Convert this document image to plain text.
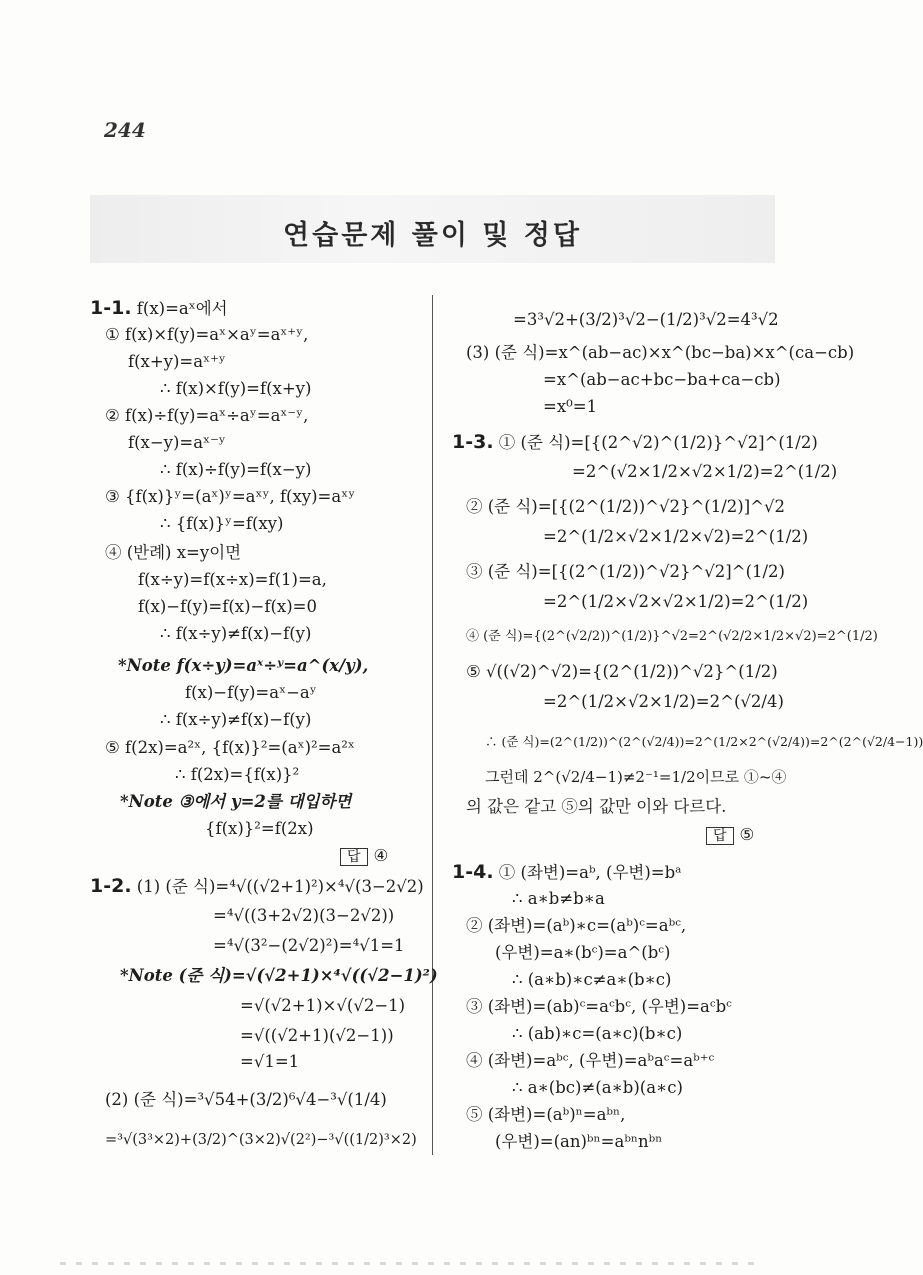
244
연습문제 풀이 및 정답
1-1. f(x)=aˣ에서
① f(x)×f(y)=aˣ×aʸ=aˣ⁺ʸ,
f(x+y)=aˣ⁺ʸ
∴ f(x)×f(y)=f(x+y)
② f(x)÷f(y)=aˣ÷aʸ=aˣ⁻ʸ,
f(x−y)=aˣ⁻ʸ
∴ f(x)÷f(y)=f(x−y)
③ {f(x)}ʸ=(aˣ)ʸ=aˣʸ, f(xy)=aˣʸ
∴ {f(x)}ʸ=f(xy)
④ (반례) x=y이면
f(x÷y)=f(x÷x)=f(1)=a,
f(x)−f(y)=f(x)−f(x)=0
∴ f(x÷y)≠f(x)−f(y)
*Note f(x÷y)=aˣ÷ʸ=a^(x/y),
f(x)−f(y)=aˣ−aʸ
∴ f(x÷y)≠f(x)−f(y)
⑤ f(2x)=a²ˣ, {f(x)}²=(aˣ)²=a²ˣ
∴ f(2x)={f(x)}²
*Note ③에서 y=2를 대입하면
{f(x)}²=f(2x)
답 ④
1-2. (1) (준 식)=⁴√((√2+1)²)×⁴√(3−2√2)
=⁴√((3+2√2)(3−2√2))
=⁴√(3²−(2√2)²)=⁴√1=1
*Note (준 식)=√(√2+1)×⁴√((√2−1)²)
=√(√2+1)×√(√2−1)
=√((√2+1)(√2−1))
=√1=1
(2) (준 식)=³√54+(3/2)⁶√4−³√(1/4)
=³√(3³×2)+(3/2)^(3×2)√(2²)−³√((1/2)³×2)
=3³√2+(3/2)³√2−(1/2)³√2=4³√2
(3) (준 식)=x^(ab−ac)×x^(bc−ba)×x^(ca−cb)
=x^(ab−ac+bc−ba+ca−cb)
=x⁰=1
1-3. ① (준 식)=[{(2^√2)^(1/2)}^√2]^(1/2)
=2^(√2×1/2×√2×1/2)=2^(1/2)
② (준 식)=[{(2^(1/2))^√2}^(1/2)]^√2
=2^(1/2×√2×1/2×√2)=2^(1/2)
③ (준 식)=[{(2^(1/2))^√2}^√2]^(1/2)
=2^(1/2×√2×√2×1/2)=2^(1/2)
④ (준 식)={(2^(√2/2))^(1/2)}^√2=2^(√2/2×1/2×√2)=2^(1/2)
⑤ √((√2)^√2)={(2^(1/2))^√2}^(1/2)
=2^(1/2×√2×1/2)=2^(√2/4)
∴ (준 식)=(2^(1/2))^(2^(√2/4))=2^(1/2×2^(√2/4))=2^(2^(√2/4−1))
그런데 2^(√2/4−1)≠2⁻¹=1/2이므로 ①~④
의 값은 같고 ⑤의 값만 이와 다르다.
답 ⑤
1-4. ① (좌변)=aᵇ, (우변)=bᵃ
∴ a∗b≠b∗a
② (좌변)=(aᵇ)∗c=(aᵇ)ᶜ=aᵇᶜ,
(우변)=a∗(bᶜ)=a^(bᶜ)
∴ (a∗b)∗c≠a∗(b∗c)
③ (좌변)=(ab)ᶜ=aᶜbᶜ, (우변)=aᶜbᶜ
∴ (ab)∗c=(a∗c)(b∗c)
④ (좌변)=aᵇᶜ, (우변)=aᵇaᶜ=aᵇ⁺ᶜ
∴ a∗(bc)≠(a∗b)(a∗c)
⑤ (좌변)=(aᵇ)ⁿ=aᵇⁿ,
(우변)=(an)ᵇⁿ=aᵇⁿnᵇⁿ
